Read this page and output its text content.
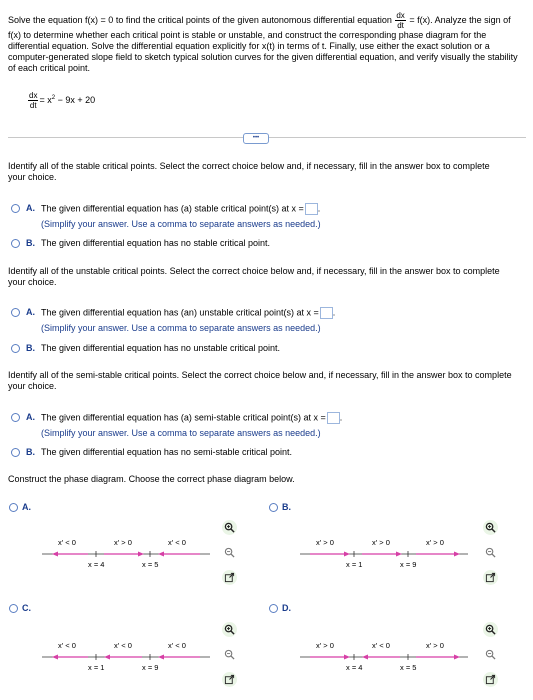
Solve the equation f(x) = 0 to find the critical points of the given autonomous differential equation $\frac{dx}{dt} = f(x)$. Analyze the sign of f(x) to determine whether each critical point is stable or unstable, and construct the corresponding phase diagram for the differential equation. Solve the differential equation explicitly for x(t) in terms of t. Finally, use either the exact solution or a computer-generated slope field to sketch typical solution curves for the given differential equation, and verify visually the stability of each critical point.
$\frac{dx}{dt} = x^2 - 9x + 20$
•••
Identify all of the stable critical points. Select the correct choice below and, if necessary, fill in the answer box to complete your choice.
A. The given differential equation has (a) stable critical point(s) at x = .
(Simplify your answer. Use a comma to separate answers as needed.)
B. The given differential equation has no stable critical point.
Identify all of the unstable critical points. Select the correct choice below and, if necessary, fill in the answer box to complete your choice.
A. The given differential equation has (an) unstable critical point(s) at x = .
(Simplify your answer. Use a comma to separate answers as needed.)
B. The given differential equation has no unstable critical point.
Identify all of the semi-stable critical points. Select the correct choice below and, if necessary, fill in the answer box to complete your choice.
A. The given differential equation has (a) semi-stable critical point(s) at x = .
(Simplify your answer. Use a comma to separate answers as needed.)
B. The given differential equation has no semi-stable critical point.
Construct the phase diagram. Choose the correct phase diagram below.
A.
x′ < 0	x′ > 0	x′ < 0
x = 4	x = 5
B.
x′ > 0	x′ > 0	x′ > 0
x = 1	x = 9
C.
x′ < 0	x′ < 0	x′ < 0
x = 1	x = 9
D.
x′ > 0	x′ < 0	x′ > 0
x = 4	x = 5
